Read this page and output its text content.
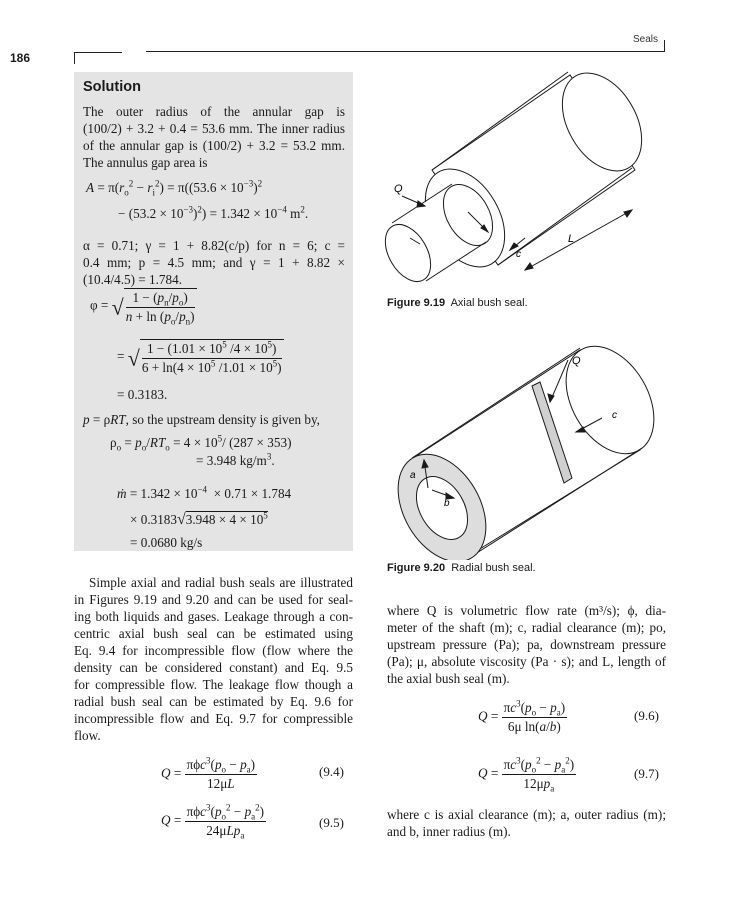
186
Seals
Solution
The outer radius of the annular gap is
(100/2) + 3.2 + 0.4 = 53.6 mm. The inner radius
of the annular gap is (100/2) + 3.2 = 53.2 mm.
The annulus gap area is
$A = \pi(r_o^2 - r_i^2) = \pi((53.6 \times 10^{-3})^2$
− $(53.2 \times 10^{-3})^2) = 1.342 \times 10^{-4}$ $m^2$.
α = 0.71; γ = 1 + 8.82(c/p) for n = 6; c =
0.4 mm; p = 4.5 mm; and γ = 1 + 8.82 ×
(10.4/4.5) = 1.784.
φ = √ $\frac{1 - (p_n/p_o)}{n + \ln (p_o/p_n)}$
= √ $\frac{1 - (1.01 \times 10^5 /4 \times 10^5)}{6 + \ln(4 \times 10^5 /1.01 \times 10^5)}$
= 0.3183.
p = ρRT, so the upstream density is given by,
$\rho_o = p_o/RT_o = 4 \times 10^5/$ (287 × 353)
= 3.948 $kg/m^3$.
ṁ = $1.342 \times 10^{-4} \times 0.71 \times 1.784$
× $0.3183√3.948 \times 4 \times 10^5$
= 0.0680 kg/s
Simple axial and radial bush seals are illustrated
in Figures 9.19 and 9.20 and can be used for seal-
ing both liquids and gases. Leakage through a con-
centric axial bush seal can be estimated using
Eq. 9.4 for incompressible flow (flow where the
density can be considered constant) and Eq. 9.5
for compressible flow. The leakage flow though a
radial bush seal can be estimated by Eq. 9.6 for
incompressible flow and Eq. 9.7 for compressible
flow.
$Q = \frac{\pi\phi c^3(p_o - p_a)}{12\mu L}$	(9.4)
$Q = \frac{\pi\phi c^3(p_o^2 - p_a^2)}{24\mu Lp_a}$	(9.5)
Q
c
L
Figure 9.19 Axial bush seal.
Q
c
a
b
Figure 9.20 Radial bush seal.
where Q is volumetric flow rate (m³/s); ϕ, dia-
meter of the shaft (m); c, radial clearance (m); po,
upstream pressure (Pa); pa, downstream pressure
(Pa); μ, absolute viscosity (Pa · s); and L, length of
the axial bush seal (m).
$Q = \frac{\pi c^3(p_o - p_a)}{\text{6μ ln(a/b)}}$	(9.6)
$Q = \frac{\pi c^3(p_o^2 - p_a^2)}{12\mu p_a}$	(9.7)
where c is axial clearance (m); a, outer radius (m);
and b, inner radius (m).
